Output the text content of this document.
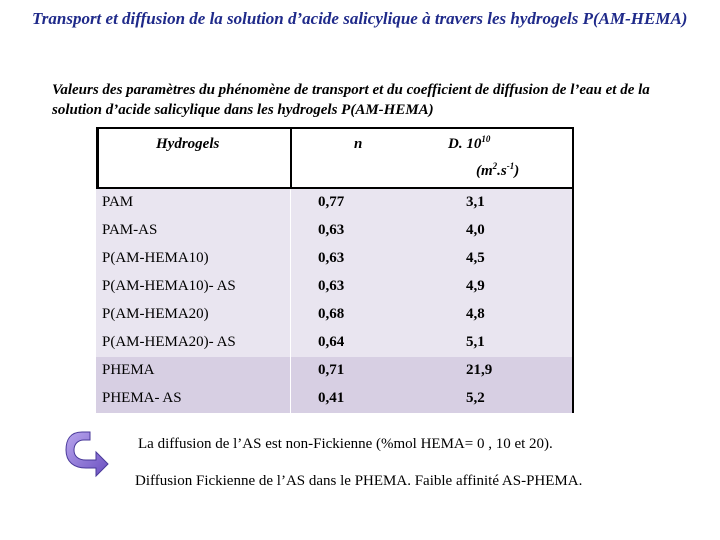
Transport et diffusion de la solution d’acide salicylique à travers les hydrogels P(AM-HEMA)
Valeurs des paramètres du phénomène de transport et du coefficient de diffusion de l’eau et de la solution d’acide salicylique dans les hydrogels P(AM-HEMA)
Hydrogels	n	D. $10^{10}$
$(m^2.s^{-1})$
PAM	0,77	3,1
PAM-AS	0,63	4,0
P(AM-HEMA10)	0,63	4,5
P(AM-HEMA10)- AS	0,63	4,9
P(AM-HEMA20)	0,68	4,8
P(AM-HEMA20)- AS	0,64	5,1
PHEMA	0,71	21,9
PHEMA- AS	0,41	5,2

La diffusion de l’AS est non-Fickienne (%mol HEMA= 0 , 10 et 20).

Diffusion Fickienne de l’AS dans le PHEMA. Faible affinité AS-PHEMA.
